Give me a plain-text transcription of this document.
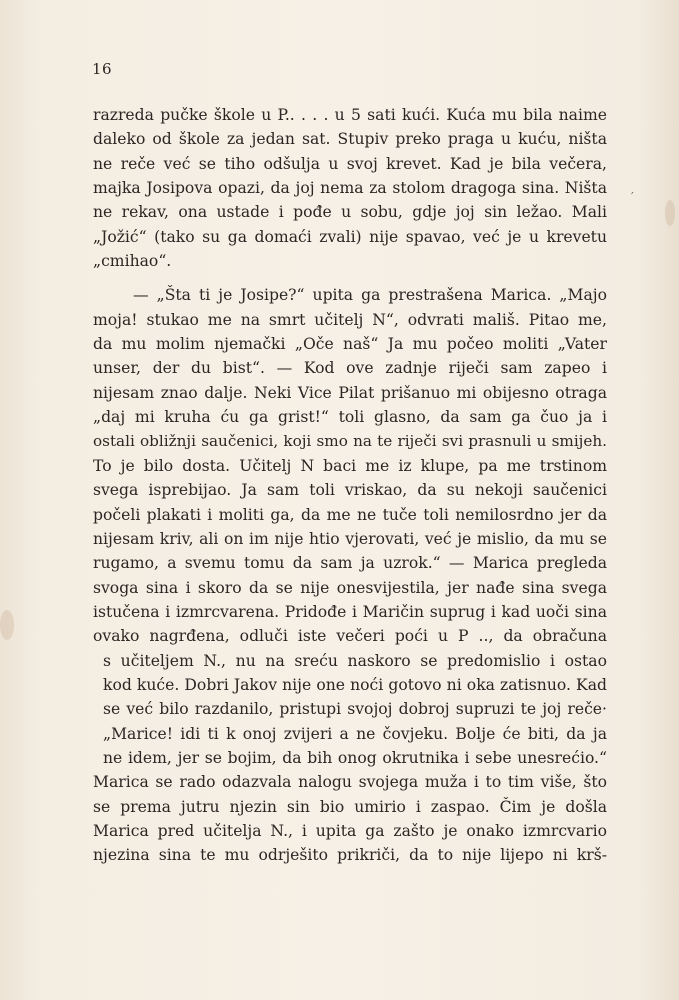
′
16
razreda pučke škole u P.. . . . u 5 sati kući. Kuća mu bila naime
daleko od škole za jedan sat. Stupiv preko praga u kuću, ništa
ne reče već se tiho odšulja u svoj krevet. Kad je bila večera,
majka Josipova opazi, da joj nema za stolom dragoga sina. Ništa
ne rekav, ona ustade i pođe u sobu, gdje joj sin ležao. Mali
„Jožić“ (tako su ga domaći zvali) nije spavao, već je u krevetu
„cmihao“.
— „Šta ti je Josipe?“ upita ga prestrašena Marica. „Majo
moja! stukao me na smrt učitelj N“, odvrati mališ. Pitao me,
da mu molim njemački „Oče naš“ Ja mu počeo moliti „Vater
unser, der du bist“. — Kod ove zadnje riječi sam zapeo i
nijesam znao dalje. Neki Vice Pilat prišanuo mi obijesno otraga
„daj mi kruha ću ga grist!“ toli glasno, da sam ga čuo ja i
ostali obližnji saučenici, koji smo na te riječi svi prasnuli u smijeh.
To je bilo dosta. Učitelj N baci me iz klupe, pa me trstinom
svega isprebijao. Ja sam toli vriskao, da su nekoji saučenici
počeli plakati i moliti ga, da me ne tuče toli nemilosrdno jer da
nijesam kriv, ali on im nije htio vjerovati, već je mislio, da mu se
rugamo, a svemu tomu da sam ja uzrok.“ — Marica pregleda
svoga sina i skoro da se nije onesvijestila, jer nađe sina svega
istučena i izmrcvarena. Pridođe i Maričin suprug i kad uoči sina
ovako nagrđena, odluči iste večeri poći u P .., da obračuna
s učiteljem N., nu na sreću naskoro se predomislio i ostao
kod kuće. Dobri Jakov nije one noći gotovo ni oka zatisnuo. Kad
se već bilo razdanilo, pristupi svojoj dobroj supruzi te joj reče·
„Marice! idi ti k onoj zvijeri a ne čovjeku. Bolje će biti, da ja
ne idem, jer se bojim, da bih onog okrutnika i sebe unesrećio.“
Marica se rado odazvala nalogu svojega muža i to tim više, što
se prema jutru njezin sin bio umirio i zaspao. Čim je došla
Marica pred učitelja N., i upita ga zašto je onako izmrcvario
njezina sina te mu odrješito prikriči, da to nije lijepo ni krš-
